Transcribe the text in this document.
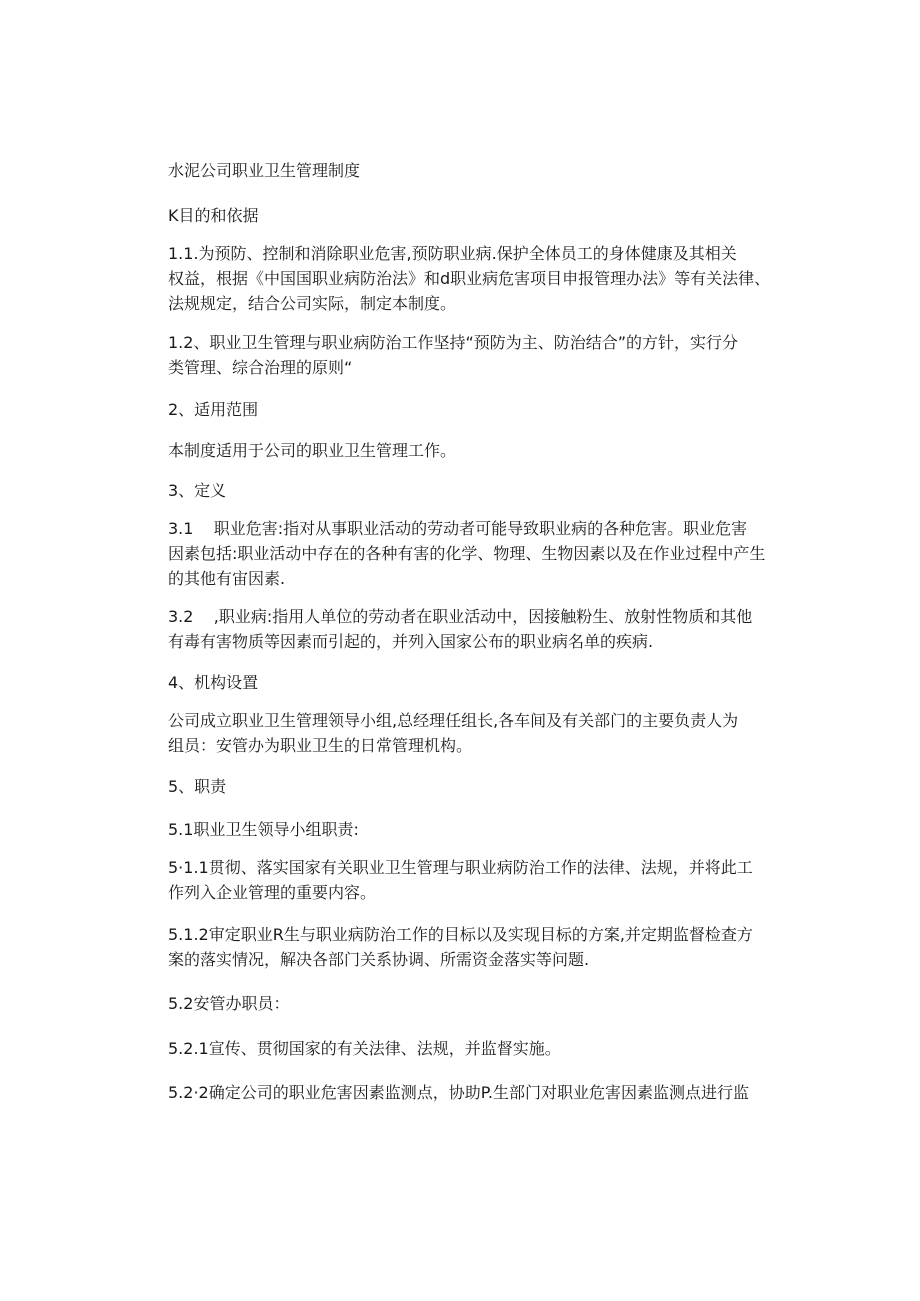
水泥公司职业卫生管理制度

K目的和依据

1.1.为预防、控制和消除职业危害,预防职业病.保护全体员工的身体健康及其相关
权益，根据《中国国职业病防治法》和d职业病危害项目申报管理办法》等有关法律、
法规规定，结合公司实际，制定本制度。

1.2、职业卫生管理与职业病防治工作坚持“预防为主、防治结合”的方针，实行分
类管理、综合治理的原则“

2、适用范围

本制度适用于公司的职业卫生管理工作。

3、定义

3.1    职业危害:指对从事职业活动的劳动者可能导致职业病的各种危害。职业危害
因素包括:职业活动中存在的各种有害的化学、物理、生物因素以及在作业过程中产生
的其他有宙因素.

3.2    ,职业病:指用人单位的劳动者在职业活动中，因接触粉生、放射性物质和其他
有毒有害物质等因素而引起的，并列入国家公布的职业病名单的疾病.

4、机构设置

公司成立职业卫生管理领导小组,总经理任组长,各车间及有关部门的主要负责人为
组员：安管办为职业卫生的日常管理机构。

5、职责

5.1职业卫生领导小组职责:

5·1.1贯彻、落实国家有关职业卫生管理与职业病防治工作的法律、法规，并将此工
作列入企业管理的重要内容。

5.1.2审定职业R生与职业病防治工作的目标以及实现目标的方案,并定期监督检查方
案的落实情况，解决各部门关系协调、所需资金落实等问题.

5.2安管办职员：

5.2.1宣传、贯彻国家的有关法律、法规，并监督实施。

5.2·2确定公司的职业危害因素监测点，协助P.生部门对职业危害因素监测点进行监
